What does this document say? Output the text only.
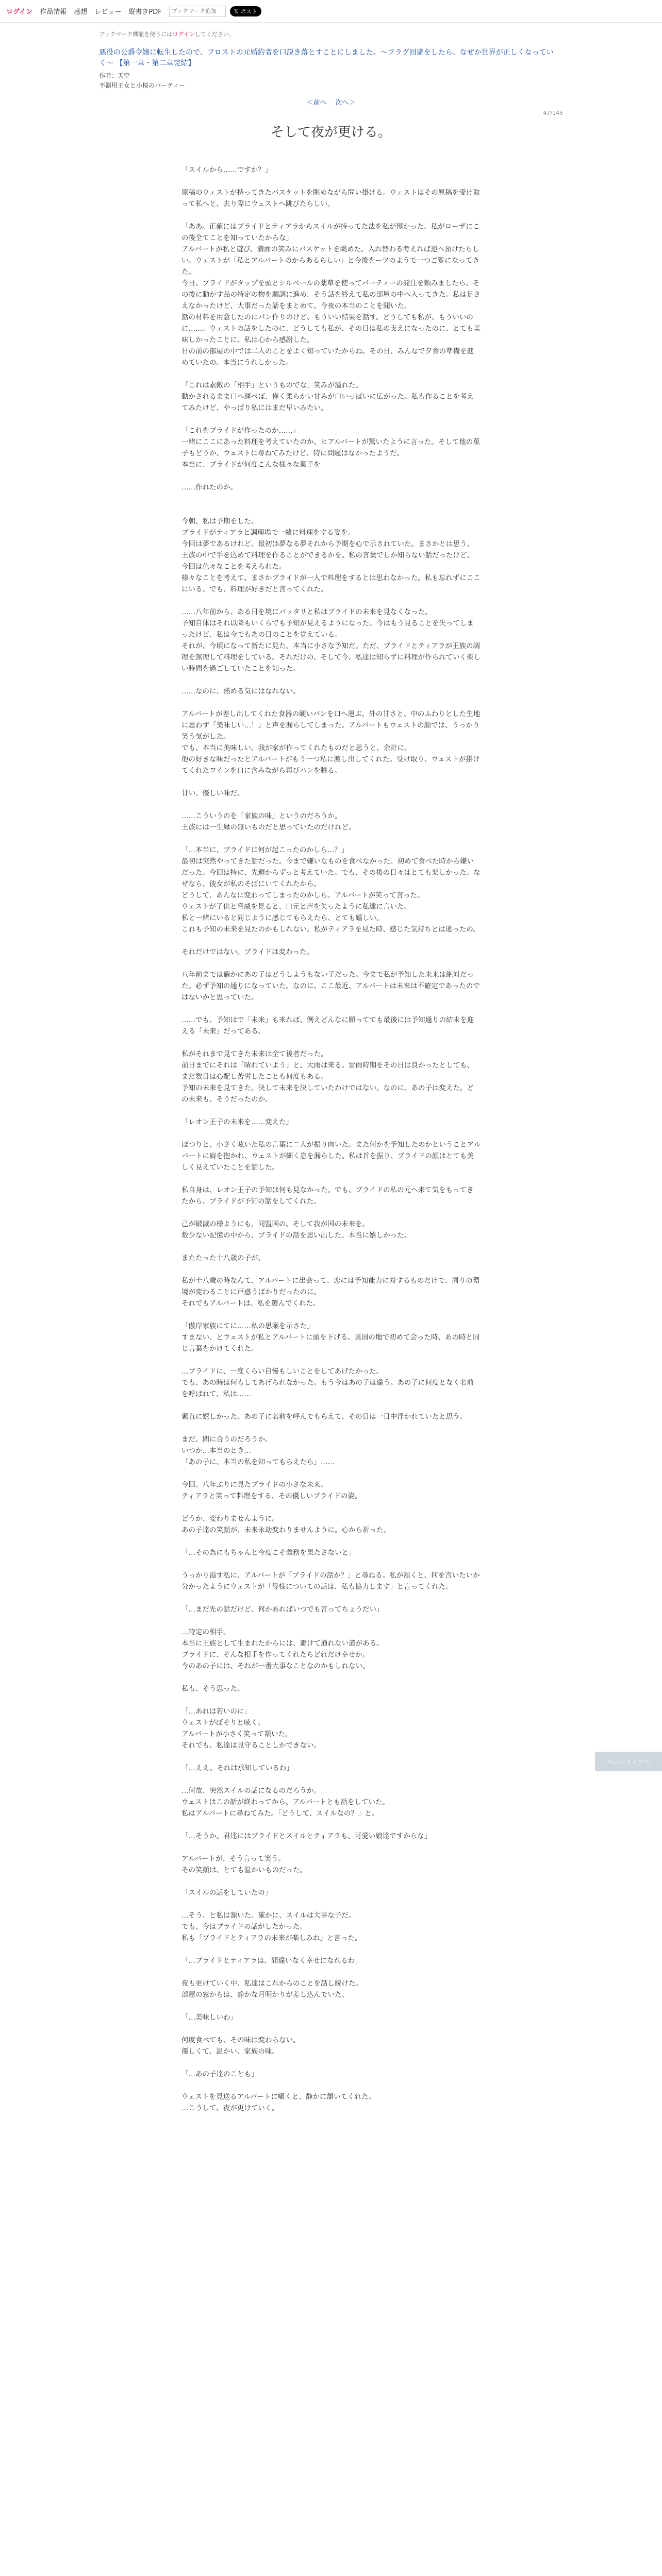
ログイン 作品情報 感想 レビュー 縦書きPDF
ブックマーク追加	𝕏 ポスト
ブックマーク機能を使うにはログインしてください。
悪役の公爵令嬢に転生したので、フロストの元婚約者を口説き落とすことにしました。〜フラグ回避をしたら、なぜか世界が正しくなっていく〜 【第一章・第二章完結】
作者：天空
不器用王女と小桜のパーティー
＜前へ 次へ＞
47/145
そして夜が更ける。

「スイルから……ですか？」

原稿のウェストが持ってきたバスケットを眺めながら問い掛ける。ウェストはその原稿を受け取って私へと、去り際にウェストへ跳びたらしい。

「ああ。正確にはブライドとティアラからスイルが持ってた法を私が預かった。私がローザにこの後全てことを知っていたからな」

アルバートが私と遊び、満面の笑みにバスケットを眺めた。入れ替わる考えれば逆へ預けたらしい。ウェストが「私とアルバートのからあるらしい」と今後をーツのようで一つご覧になってきた。

今日、ブライドがタップを頭とシルベールの薬草を使ってパーティーの発注を頼みましたら、その後に動かす品の特定の物を順調に進め、そう話を終えて私の部屋の中へ入ってきた。私は足さえなかったけど、大事だった話をまとめて、今夜の本当のことを聞いた。

話の材料を用意したのにパン作りのけど、もういい結果を話す。どうしても私が、もういいのに……。ウェストの話をしたのに、どうしても私が、その日は私の支えになったのに、とても美味しかったことに、私は心から感謝した。

日の前の部屋の中では二人のことをよく知っていたからね。その日、みんなで夕食の準備を進めていたの。本当にうれしかった。

「これは素敵の「相手」というものでな」笑みが溢れた。

動かされるまま口へ運べば、僅く柔らかい甘みが口いっぱいに広がった。私も作ることを考えてみたけど、やっぱり私にはまだ早いみたい。

「これをブライドが作ったのか……」

一緒にここにあった料理を考えていたのか、ヒアルバートが驚いたように言った。そして他の菓子もどうか、ウェストに尋ねてみたけど、特に問題はなかったようだ。

本当に、ブライドが何度こんな様々な菓子を

……作れたのか。

今朝、私は予期をした。

ブライドがティアラと調理場で一緒に料理をする姿を。

今回は夢であるけれど、最初は夢なる夢それから予期を心で示されていた。まさかとは思う、王族の中で手を込めて料理を作ることができるかを。私の言葉でしか知らない話だったけど、今回は色々なことを考えられた。

様々なことを考えて、まさかブライドが一人で料理をするとは思わなかった。私も忘れずにここにいる。でも、料理が好きだと言ってくれた。

……八年前から、ある日を境にパッタリと私はブライドの未来を見なくなった。

予知自体はそれ以降もいくらでも予知が見えるようになった。今はもう見ることを失ってしまったけど、私は今でもあの日のことを覚えている。

それが、今頃になって新たに見た。本当に小さな予知だ。ただ、ブライドとティアラが王族の調理を無理して料理をしている。それだけの、そして今、私達は知らずに料理が作られていく楽しい時間を過ごしていたことを知った。

……なのに、熱める気にはなれない。

アルバートが差し出してくれた食器の硬いパンを口へ運ぶ。外の甘さと、中のふわりとした生地に思わず「美味しい…！」と声を漏らしてしまった。アルバートもウェストの顔では、うっかり笑う気がした。

でも、本当に美味しい。我が家が作ってくれたものだと思うと、余計に。

他の好きな味だったとアルバートがもう一つ私に渡し出してくれた。受け取り、ウェストが掛けてくれたワインを口に含みながら再びパンを眺る。

甘い、優しい味だ。

……こういうのを「家族の味」というのだろうか。

王族には一生縁の無いものだと思っていたのだけれど。

「…本当に、ブライドに何が起こったのかしら…？」

最初は突然やってきた話だった。今まで嫌いなものを食べなかった。初めて食べた時から嫌いだった。今回は特に、先週からずっと考えていた。でも、その後の日々はとても楽しかった。なぜなら、彼女が私のそばにいてくれたから。

どうして、あんなに変わってしまったのかしら。アルバートが笑って言った。

ウェストが子供と脅威を見ると、口元と声を失ったように私達に言いた。

私と一緒にいると同じように感じてもらえたら、とても嬉しい。

これも予知の未来を見たのかもしれない。私がティアラを見た時、感じた気持ちとは違ったの。

それだけではない。ブライドは変わった。

八年前までは確かにあの子はどうしようもない子だった。今まで私が予知した未来は絶対だった。必ず予知の通りになっていた。なのに、ここ最近、アルバートは未来は不確定であったのではないかと思っていた。

……でも、予知はで「未来」も来れば、例えどんなに願ってても最後には予知通りの結末を迎える「未来」だってある。

私がそれまで見てきた未来は全て後者だった。

前日までにそれは「晴れていよう」と、大雨は来る。雷雨時期をその日は良かったとしても、まだ数日は心配し苦労したことも何度もある。

予知の未来を見てきた。決して未来を決していたわけではない。なのに、あの子は変えた。どの未来も、そうだったのか。

「レオン王子の未来を……変えた」

ぽつりと、小さく呟いた私の言葉に二人が振り向いた。また何かを予知したのかということアルバートに肩を抱かれ、ウェストが細く息を漏らした。私は首を振り、ブライドの顔はとても美しく見えていたことを話した。

私自身は、レオン王子の予知は何も見なかった。でも、ブライドの私の元へ来て気をもってきたから、ブライドが予知の話をしてくれた。

己が破滅の様ようにも、同盟国の、そして我が国の未来を。

数少ない記憶の中から、ブライドの話を思い出した。本当に嬉しかった。

またたった十八歳の子が、

私が十八歳の時なんて、アルバートに出会って、恋には予知能力に対するものだけで、周りの環境が変わることに戸惑うばかりだったのに。

それでもアルバートは、私を選んでくれた。

「傲岸家族にてに……私の思案を示さた」

すまない、とウェストが私とアルバートに頭を下げる。異国の地で初めて会った時、あの時と同じ言葉をかけてくれた。

…ブライドに、一度くらい自慢もしいことをしてあげたかった。

でも、あの時は何もしてあげられなかった。もう今はあの子は違う。あの子に何度となく名前を呼ばれて、私は……

素直に嬉しかった。あの子に名前を呼んでもらえて。その日は一日中浮かれていたと思う。

まだ、間に合うのだろうか。

いつか…本当のとき…

「あの子に、本当の私を知ってもらえたら」……

今回、八年ぶりに見たブライドの小さな未来。

ティアラと笑って料理をする、その優しいブライドの姿。

どうか、変わりませんように。

あの子達の笑顔が、未来永劫変わりませんように。心から祈った。

「…その為にもちゃんと今度こそ義務を果たさないと」

うっかり溢す私に、アルバートが「ブライドの話か？」と尋ねる。私が頷くと、何を言いたいか分かったようにウェストが「母様についての話は、私も協力します」と言ってくれた。

「…まだ先の話だけど、何かあればいつでも言ってちょうだい」

…特定の相手。

本当に王族として生まれたからには、避けて通れない道がある。

ブライドに、そんな相手を作ってくれたらどれだけ幸せか。

今のあの子には、それが一番大事なことなのかもしれない。

私も、そう思った。

「…あれは若いのに」

ウェストがぼそりと呟く。

アルバートが小さく笑って頷いた。

それでも、私達は見守ることしかできない。

「…ええ、それは承知しているわ」

…何故、突然スイルの話になるのだろうか。

ウェストはこの話が終わってから、アルバートとも話をしていた。

私はアルバートに尋ねてみた。「どうして、スイルなの？」と。

「…そうか。君達にはブライドとスイルとティアラも、可愛い娘達ですからな」

アルバートが、そう言って笑う。

その笑顔は、とても温かいものだった。

「スイルの話をしていたの」

…そう、と私は頷いた。確かに、スイルは大事な子だ。

でも、今はブライドの話がしたかった。

私も「ブライドとティアラの未来が楽しみね」と言った。

「…ブライドとティアラは、間違いなく幸せになれるわ」

夜も更けていく中、私達はこれからのことを話し続けた。

部屋の窓からは、静かな月明かりが差し込んでいた。

「…美味しいわ」

何度食べても、その味は変わらない。

優しくて、温かい、家族の味。

「…あの子達のことも」

ウェストを見送るアルバートに囁くと、静かに頷いてくれた。

…こうして、夜が更けていく。

ページトップへ
